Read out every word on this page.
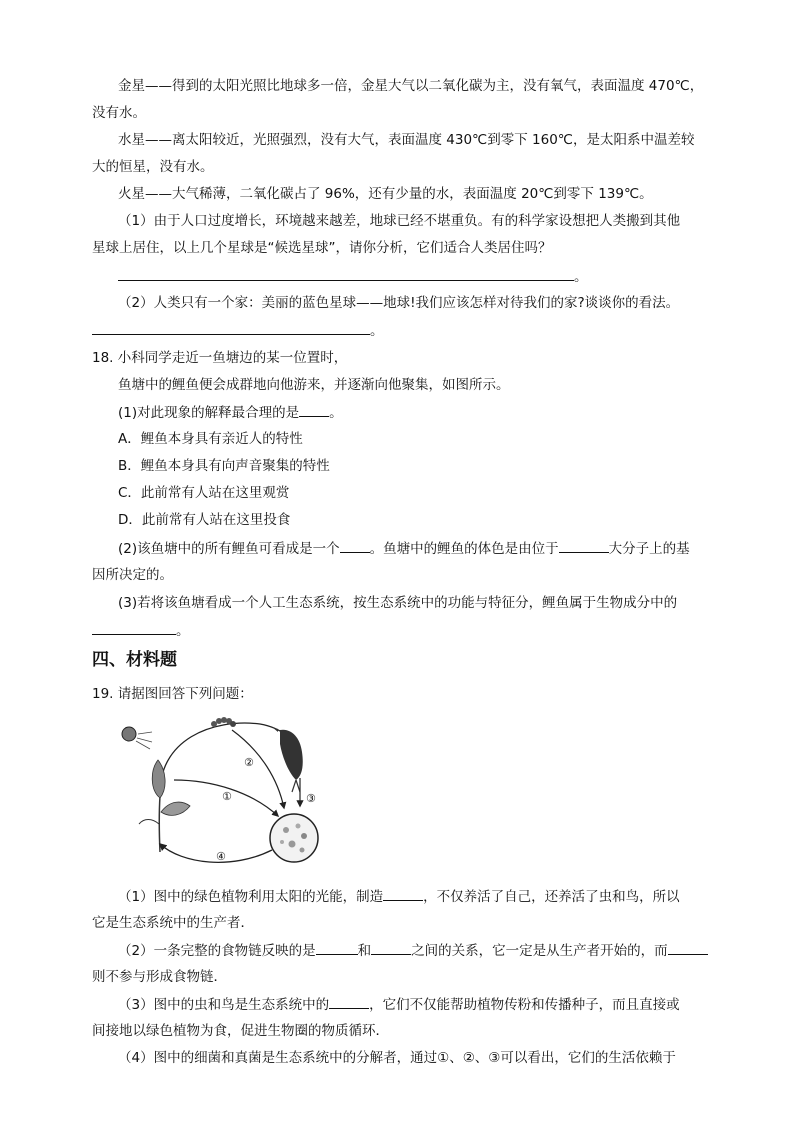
金星——得到的太阳光照比地球多一倍，金星大气以二氧化碳为主，没有氧气，表面温度 470℃，
没有水。
水星——离太阳较近，光照强烈，没有大气，表面温度 430℃到零下 160℃，是太阳系中温差较
大的恒星，没有水。
火星——大气稀薄，二氧化碳占了 96%，还有少量的水，表面温度 20℃到零下 139℃。
（1）由于人口过度增长，环境越来越差，地球已经不堪重负。有的科学家设想把人类搬到其他
星球上居住，以上几个星球是“候选星球”，请你分析，它们适合人类居住吗？
。
（2）人类只有一个家：美丽的蓝色星球——地球!我们应该怎样对待我们的家?谈谈你的看法。
。
18. 小科同学走近一鱼塘边的某一位置时，
鱼塘中的鲤鱼便会成群地向他游来，并逐渐向他聚集，如图所示。
(1)对此现象的解释最合理的是 。
A．鲤鱼本身具有亲近人的特性
B．鲤鱼本身具有向声音聚集的特性
C．此前常有人站在这里观赏
D．此前常有人站在这里投食
(2)该鱼塘中的所有鲤鱼可看成是一个 。鱼塘中的鲤鱼的体色是由位于	大分子上的基
因所决定的。
(3)若将该鱼塘看成一个人工生态系统，按生态系统中的功能与特征分，鲤鱼属于生物成分中的
。
四、材料题
19. 请据图回答下列问题：
①
②
③
④
（1）图中的绿色植物利用太阳的光能，制造	，不仅养活了自己，还养活了虫和鸟，所以
它是生态系统中的生产者．
（2）一条完整的食物链反映的是	和	之间的关系，它一定是从生产者开始的，而
则不参与形成食物链．
（3）图中的虫和鸟是生态系统中的	，它们不仅能帮助植物传粉和传播种子，而且直接或
间接地以绿色植物为食，促进生物圈的物质循环．
（4）图中的细菌和真菌是生态系统中的分解者，通过①、②、③可以看出，它们的生活依赖于
